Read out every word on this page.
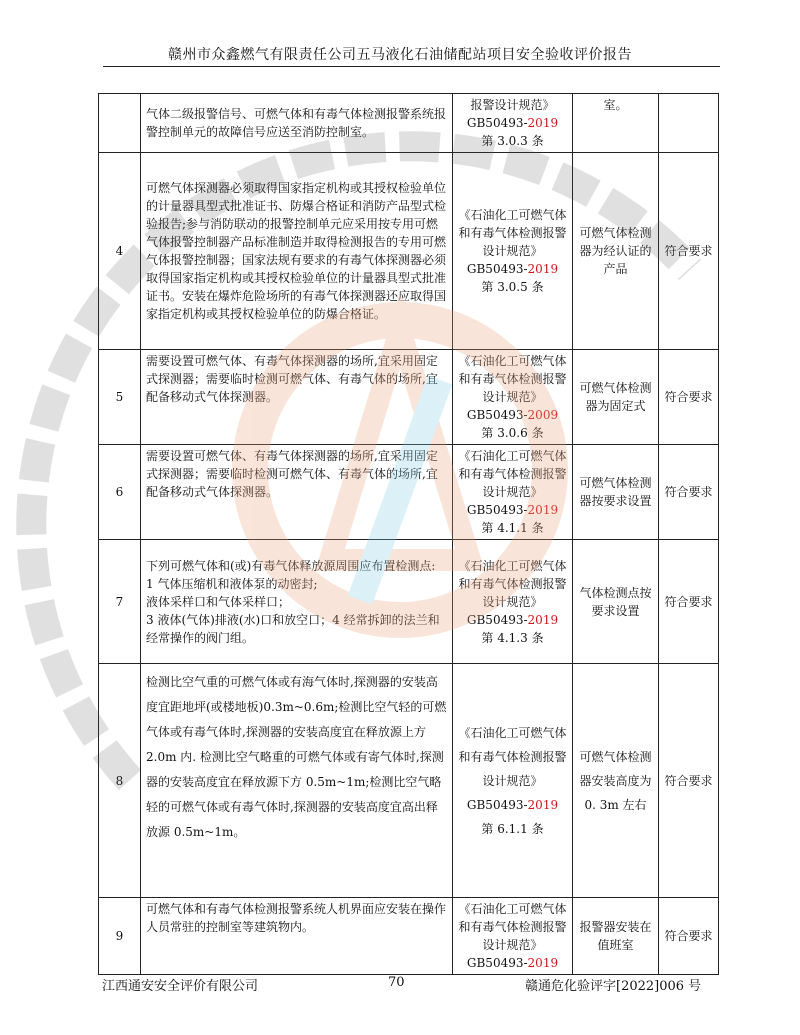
赣州市众鑫燃气有限责任公司五马液化石油储配站项目安全验收评价报告
	气体二级报警信号、可燃气体和有毒气体检测报警系统报警控制单元的故障信号应送至消防控制室。	报警设计规范》
GB50493-2019
第 3.0.3 条	室。	
4	可燃气体探测器必须取得国家指定机构或其授权检验单位的计量器具型式批准证书、防爆合格证和消防产品型式检验报告;参与消防联动的报警控制单元应采用按专用可燃气体报警控制器产品标准制造并取得检测报告的专用可燃气体报警控制器；国家法规有要求的有毒气体探测器必须取得国家指定机构或其授权检验单位的计量器具型式批准证书。安装在爆炸危险场所的有毒气体探测器还应取得国家指定机构或其授权检验单位的防爆合格证。	《石油化工可燃气体和有毒气体检测报警设计规范》
GB50493-2019
第 3.0.5 条	可燃气体检测器为经认证的产品	符合要求
5	需要设置可燃气体、有毒气体探测器的场所,宜采用固定式探测器；需要临时检测可燃气体、有毒气体的场所,宜配备移动式气体探测器。	《石油化工可燃气体和有毒气体检测报警设计规范》
GB50493-2009
第 3.0.6 条	可燃气体检测器为固定式	符合要求
6	需要设置可燃气体、有毒气体探测器的场所,宜采用固定式探测器；需要临时检测可燃气体、有毒气体的场所,宜配备移动式气体探测器。	《石油化工可燃气体和有毒气体检测报警设计规范》
GB50493-2019
第 4.1.1 条	可燃气体检测器按要求设置	符合要求
7	下列可燃气体和(或)有毒气体释放源周围应布置检测点:
1 气体压缩机和液体泵的动密封;
液体采样口和气体采样口；
3 液体(气体)排液(水)口和放空口；4 经常拆卸的法兰和经常操作的阀门组。	《石油化工可燃气体和有毒气体检测报警设计规范》
GB50493-2019
第 4.1.3 条	气体检测点按要求设置	符合要求
8	检测比空气重的可燃气体或有海气体时,探测器的安装高度宜距地坪(或楼地板)0.3m~0.6m;检测比空气轻的可燃气体或有毒气体时,探测器的安装高度宜在释放源上方 2.0m 内. 检测比空气略重的可燃气体或有寄气体时,探测器的安装高度宜在释放源下方 0.5m~1m;检测比空气略轻的可燃气体或有毒气体时,探测器的安装高度宜高出释放源 0.5m~1m。	《石油化工可燃气体和有毒气体检测报警设计规范》
GB50493-2019
第 6.1.1 条	可燃气体检测器安装高度为 0. 3m 左右	符合要求
9	可燃气体和有毒气体检测报警系统人机界面应安装在操作人员常驻的控制室等建筑物内。	《石油化工可燃气体和有毒气体检测报警设计规范》
GB50493-2019	报警器安装在值班室	符合要求
江西通安安全评价有限公司	70	赣通危化验评字[2022]006 号
